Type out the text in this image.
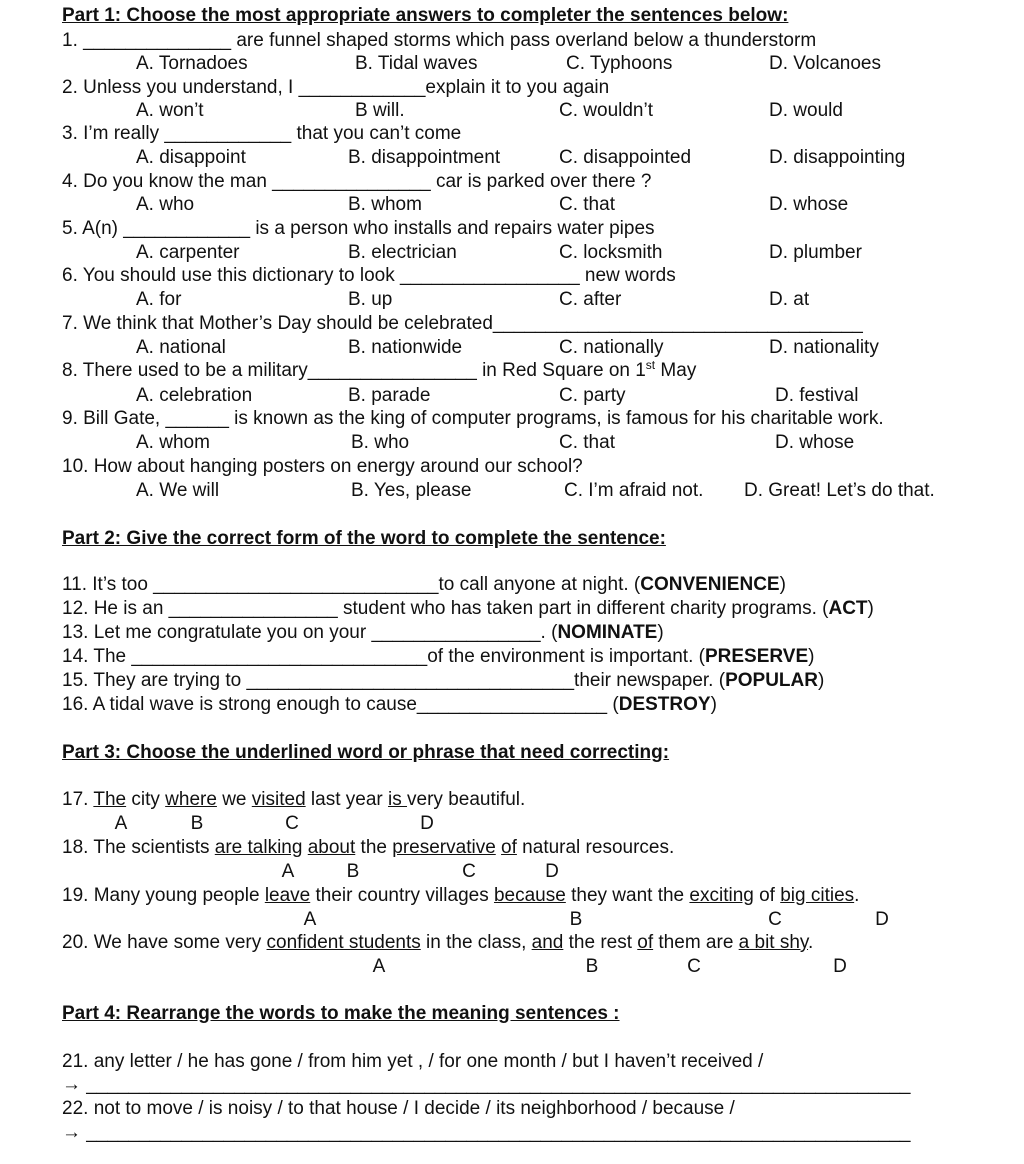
Part 1: Choose the most appropriate answers to completer the sentences below:
1. ______________ are funnel shaped storms which pass overland below a thunderstorm
A. Tornadoes	B. Tidal waves	C. Typhoons	D. Volcanoes
2. Unless you understand, I ____________explain it to you again
A. won’t	B will.	C. wouldn’t	D. would
3. I’m really ____________ that you can’t come
A. disappoint	B. disappointment	C. disappointed	D. disappointing
4. Do you know the man _______________ car is parked over there ?
A. who	B. whom	C. that	D. whose
5. A(n) ____________ is a person who installs and repairs water pipes
A. carpenter	B. electrician	C. locksmith	D. plumber
6. You should use this dictionary to look _________________ new words
A. for	B. up	C. after	D. at
7. We think that Mother’s Day should be celebrated___________________________________
A. national	B. nationwide	C. nationally	D. nationality
8. There used to be a military________________ in Red Square on 1st May
A. celebration	B. parade	C. party	D. festival
9. Bill Gate, ______ is known as the king of computer programs, is famous for his charitable work.
A. whom	B. who	C. that	D. whose
10. How about hanging posters on energy around our school?
A. We will	B. Yes, please	C. I’m afraid not. D. Great! Let’s do that.
Part 2: Give the correct form of the word to complete the sentence:
11. It’s too ___________________________to call anyone at night. (CONVENIENCE)
12. He is an ________________ student who has taken part in different charity programs. (ACT)
13. Let me congratulate you on your ________________. (NOMINATE)
14. The ____________________________of the environment is important. (PRESERVE)
15. They are trying to _______________________________their newspaper. (POPULAR)
16. A tidal wave is strong enough to cause__________________ (DESTROY)
Part 3: Choose the underlined word or phrase that need correcting:
17. The city where we visited last year is very beautiful.
A	B	C	D
18. The scientists are talking about the preservative of natural resources.
A	B	C	D
19. Many young people leave their country villages because they want the exciting of big cities.
A	B	C	D
20. We have some very confident students in the class, and the rest of them are a bit shy.
A	B	C	D
Part 4: Rearrange the words to make the meaning sentences :
21. any letter / he has gone / from him yet , / for one month / but I haven’t received /
→ ______________________________________________________________________________
22. not to move / is noisy / to that house / I decide / its neighborhood / because /
→ ______________________________________________________________________________
